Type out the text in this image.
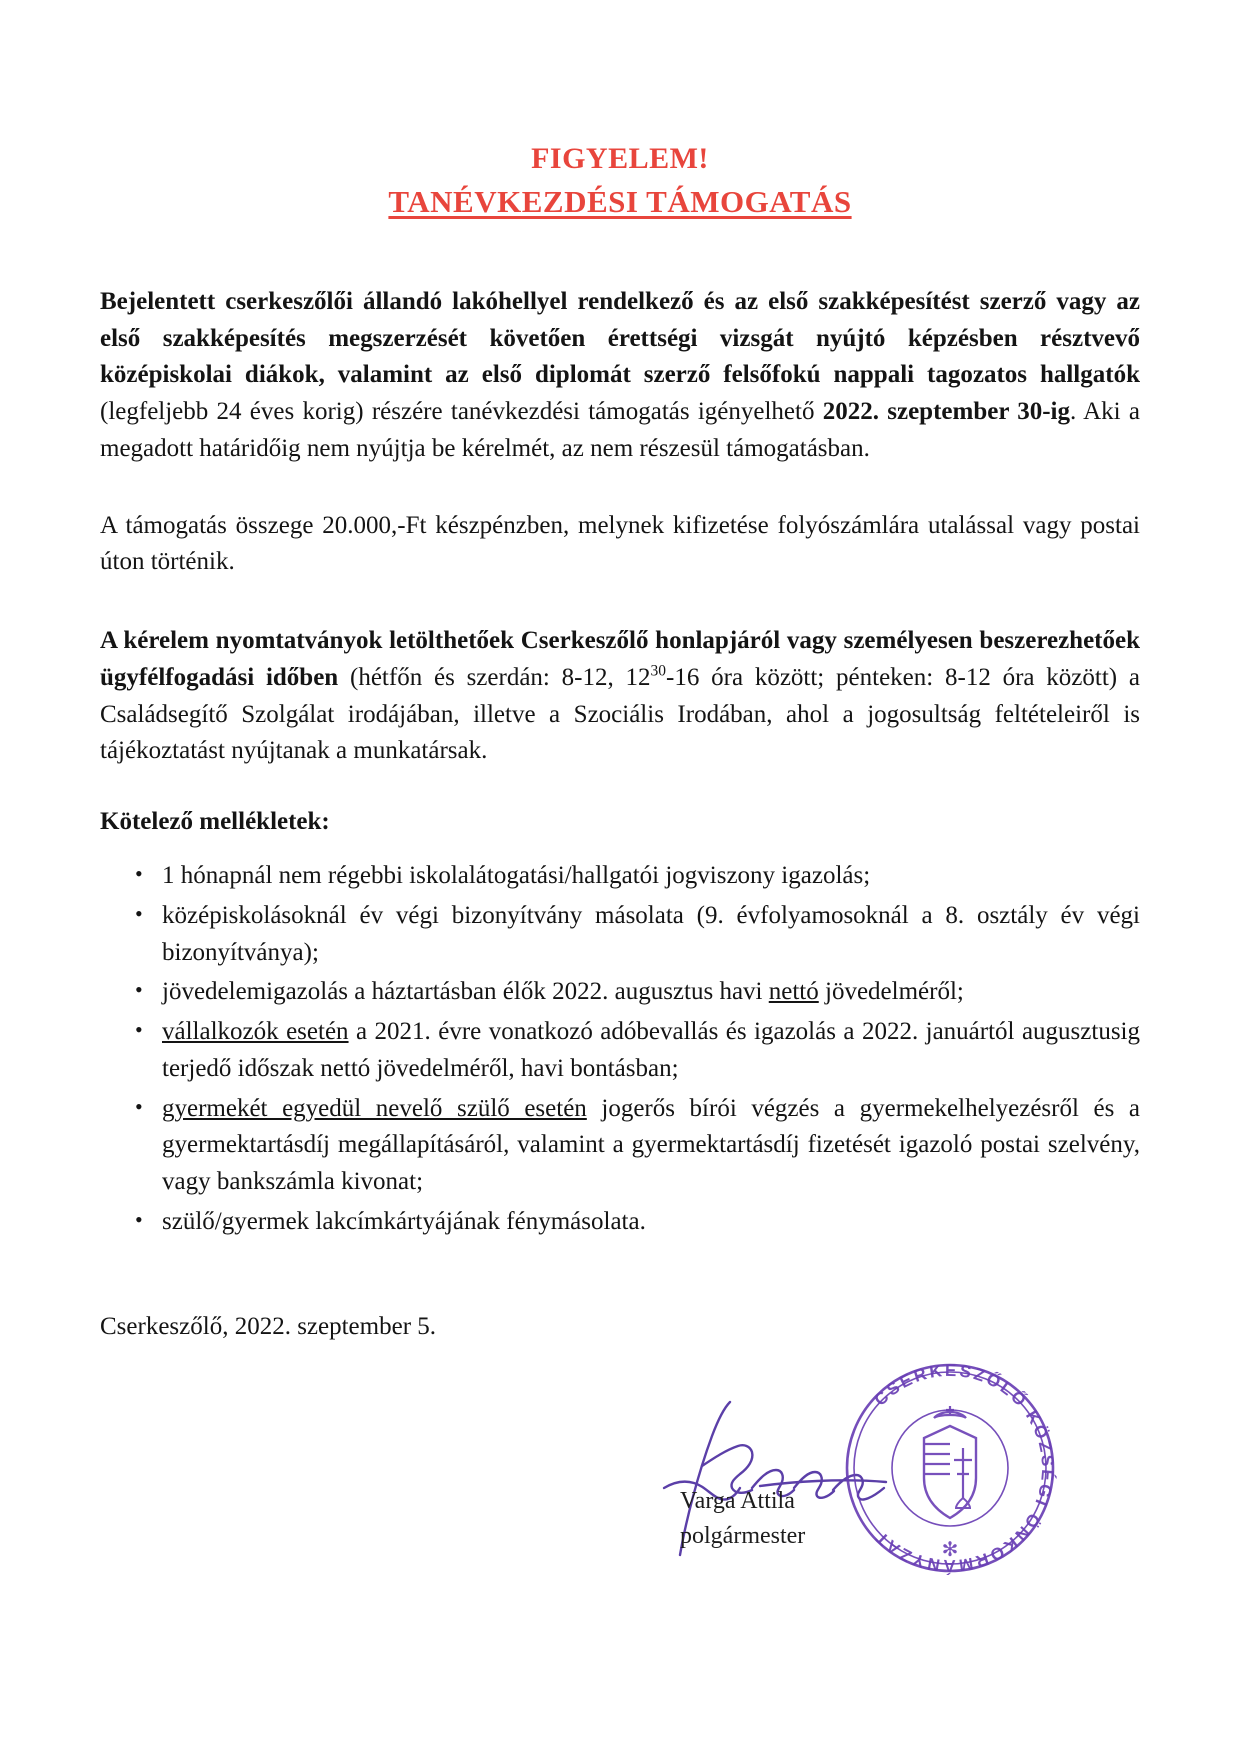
FIGYELEM!
TANÉVKEZDÉSI TÁMOGATÁS

Bejelentett cserkeszőlői állandó lakóhellyel rendelkező és az első szakképesítést szerző vagy az első szakképesítés megszerzését követően érettségi vizsgát nyújtó képzésben résztvevő középiskolai diákok, valamint az első diplomát szerző felsőfokú nappali tagozatos hallgatók (legfeljebb 24 éves korig) részére tanévkezdési támogatás igényelhető 2022. szeptember 30-ig. Aki a megadott határidőig nem nyújtja be kérelmét, az nem részesül támogatásban.

A támogatás összege 20.000,-Ft készpénzben, melynek kifizetése folyószámlára utalással vagy postai úton történik.

A kérelem nyomtatványok letölthetőek Cserkeszőlő honlapjáról vagy személyesen beszerezhetőek ügyfélfogadási időben (hétfőn és szerdán: 8-12, $12^{30}-16$ óra között; pénteken: 8-12 óra között) a Családsegítő Szolgálat irodájában, illetve a Szociális Irodában, ahol a jogosultság feltételeiről is tájékoztatást nyújtanak a munkatársak.

Kötelező mellékletek:
• 1 hónapnál nem régebbi iskolalátogatási/hallgatói jogviszony igazolás;
• középiskolásoknál év végi bizonyítvány másolata (9. évfolyamosoknál a 8. osztály év végi bizonyítványa);
• jövedelemigazolás a háztartásban élők 2022. augusztus havi nettó jövedelméről;
• vállalkozók esetén a 2021. évre vonatkozó adóbevallás és igazolás a 2022. januártól augusztusig terjedő időszak nettó jövedelméről, havi bontásban;
• gyermekét egyedül nevelő szülő esetén jogerős bírói végzés a gyermekelhelyezésről és a gyermektartásdíj megállapításáról, valamint a gyermektartásdíj fizetését igazoló postai szelvény, vagy bankszámla kivonat;
• szülő/gyermek lakcímkártyájának fénymásolata.
Cserkeszőlő, 2022. szeptember 5.
CSERKESZŐLŐ KÖZSÉGI ÖNKORMÁNYZAT
✻
Varga Attila
polgármester
